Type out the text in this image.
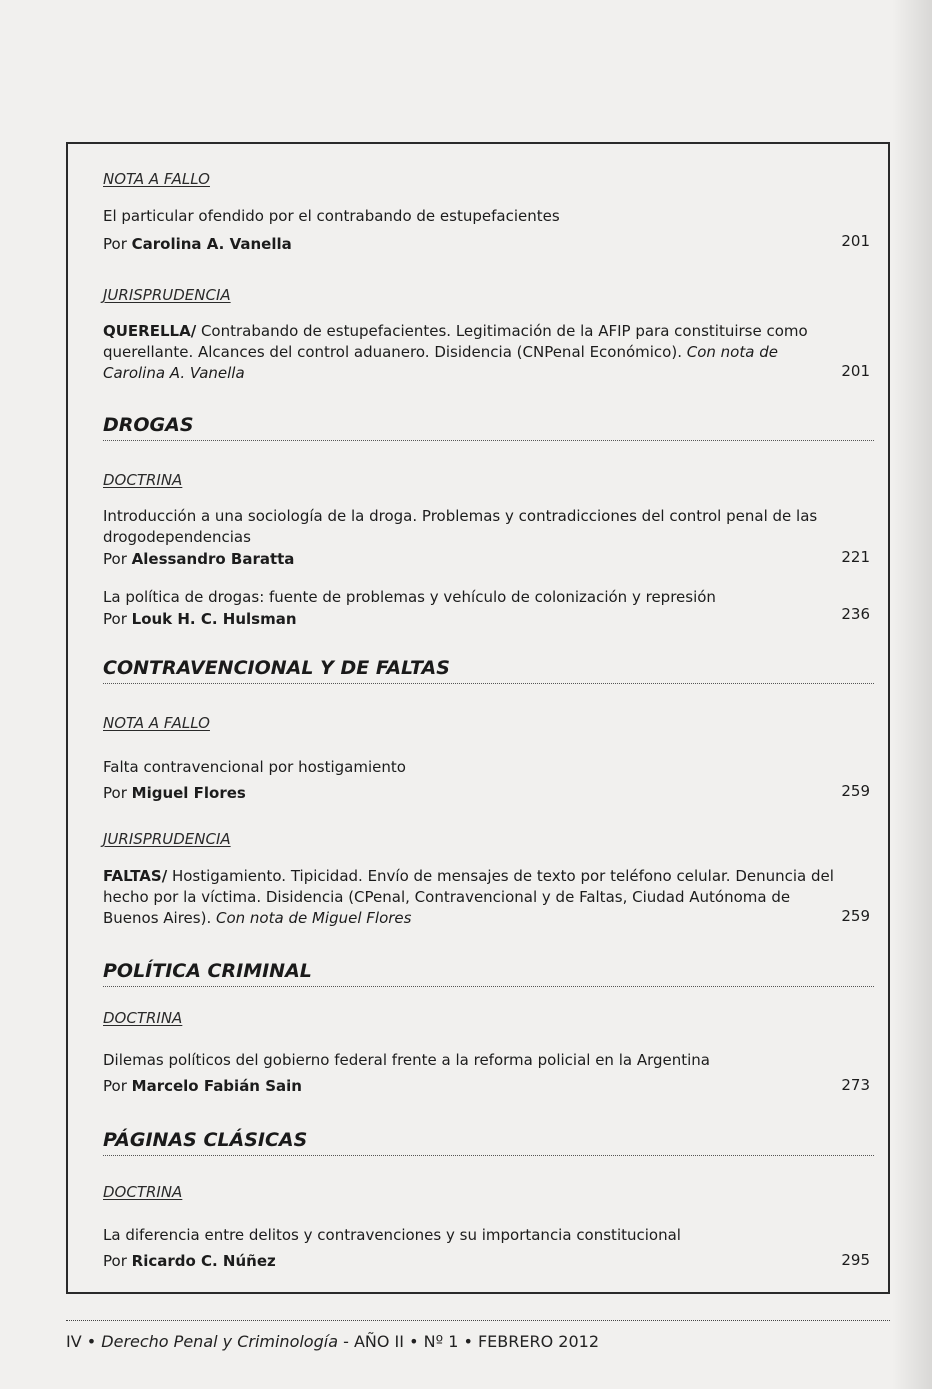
NOTA A FALLO
El particular ofendido por el contrabando de estupefacientes
Por Carolina A. Vanella	201
JURISPRUDENCIA
QUERELLA/ Contrabando de estupefacientes. Legitimación de la AFIP para constituirse como querellante. Alcances del control aduanero. Disidencia (CNPenal Económico). Con nota de Carolina A. Vanella	201
DROGAS
DOCTRINA
Introducción a una sociología de la droga. Problemas y contradicciones del control penal de las drogodependencias
Por Alessandro Baratta	221
La política de drogas: fuente de problemas y vehículo de colonización y represión
Por Louk H. C. Hulsman	236
CONTRAVENCIONAL Y DE FALTAS
NOTA A FALLO
Falta contravencional por hostigamiento
Por Miguel Flores	259
JURISPRUDENCIA
FALTAS/ Hostigamiento. Tipicidad. Envío de mensajes de texto por teléfono celular. Denuncia del hecho por la víctima. Disidencia (CPenal, Contravencional y de Faltas, Ciudad Autónoma de Buenos Aires). Con nota de Miguel Flores	259
POLÍTICA CRIMINAL
DOCTRINA
Dilemas políticos del gobierno federal frente a la reforma policial en la Argentina
Por Marcelo Fabián Sain	273
PÁGINAS CLÁSICAS
DOCTRINA
La diferencia entre delitos y contravenciones y su importancia constitucional
Por Ricardo C. Núñez	295
IV • Derecho Penal y Criminología - AÑO II • Nº 1 • FEBRERO 2012
